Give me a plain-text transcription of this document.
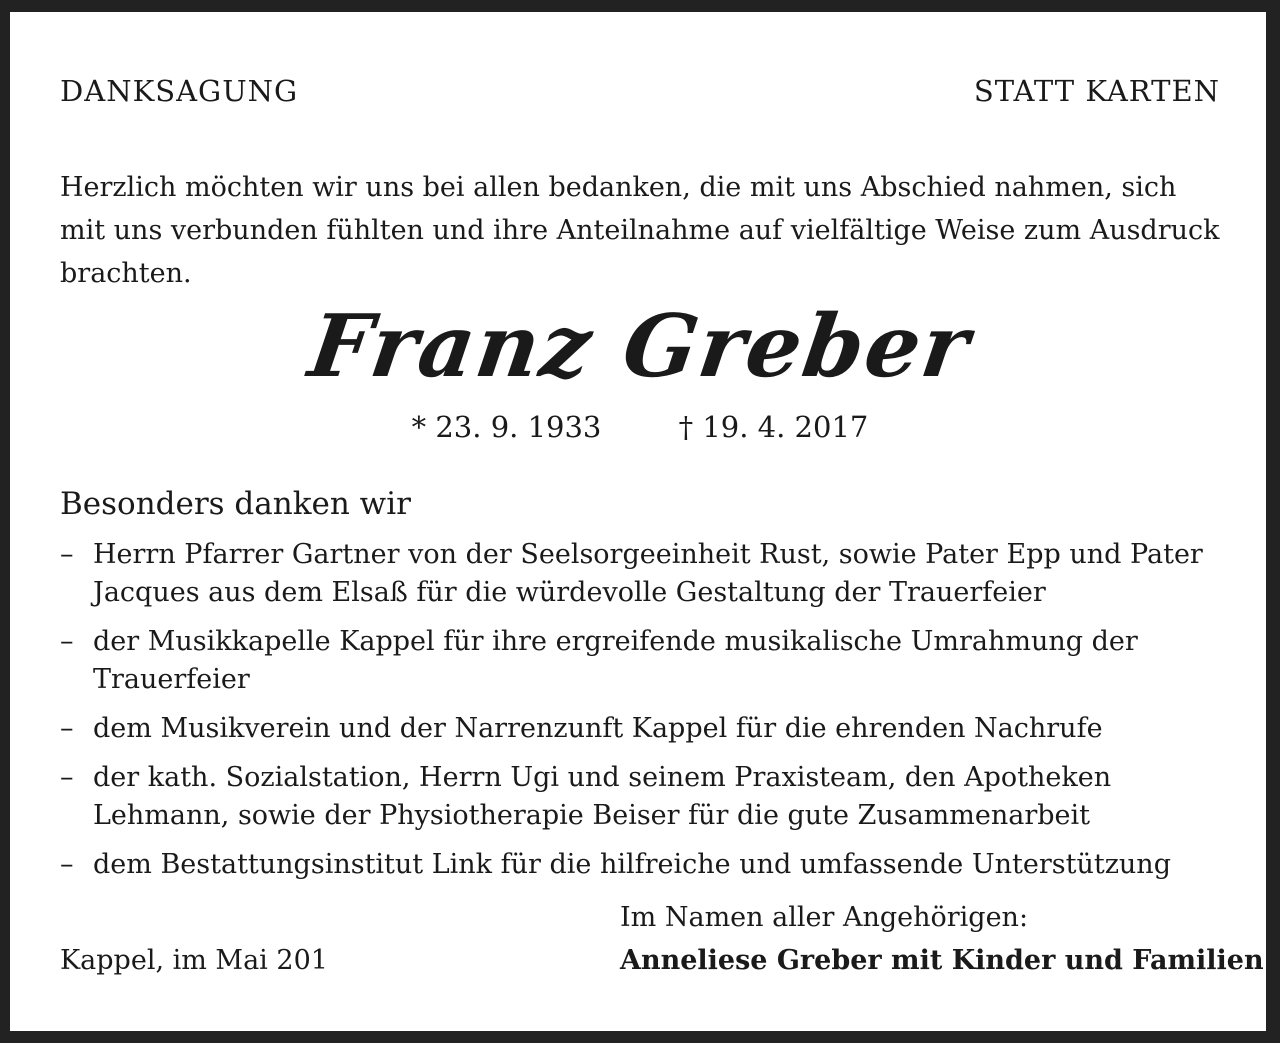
DANKSAGUNG	STATT KARTEN
Herzlich möchten wir uns bei allen bedanken, die mit uns Abschied nahmen, sich mit uns verbunden fühlten und ihre Anteilnahme auf vielfältige Weise zum Ausdruck brachten.
Franz Greber
* 23. 9. 1933	† 19. 4. 2017
Besonders danken wir
– Herrn Pfarrer Gartner von der Seelsorgeeinheit Rust, sowie Pater Epp und Pater Jacques aus dem Elsaß für die würdevolle Gestaltung der Trauerfeier
– der Musikkapelle Kappel für ihre ergreifende musikalische Umrahmung der Trauerfeier
– dem Musikverein und der Narrenzunft Kappel für die ehrenden Nachrufe
– der kath. Sozialstation, Herrn Ugi und seinem Praxisteam, den Apotheken Lehmann, sowie der Physiotherapie Beiser für die gute Zusammenarbeit
– dem Bestattungsinstitut Link für die hilfreiche und umfassende Unterstützung
Im Namen aller Angehörigen:
Kappel, im Mai 201	Anneliese Greber mit Kinder und Familien
